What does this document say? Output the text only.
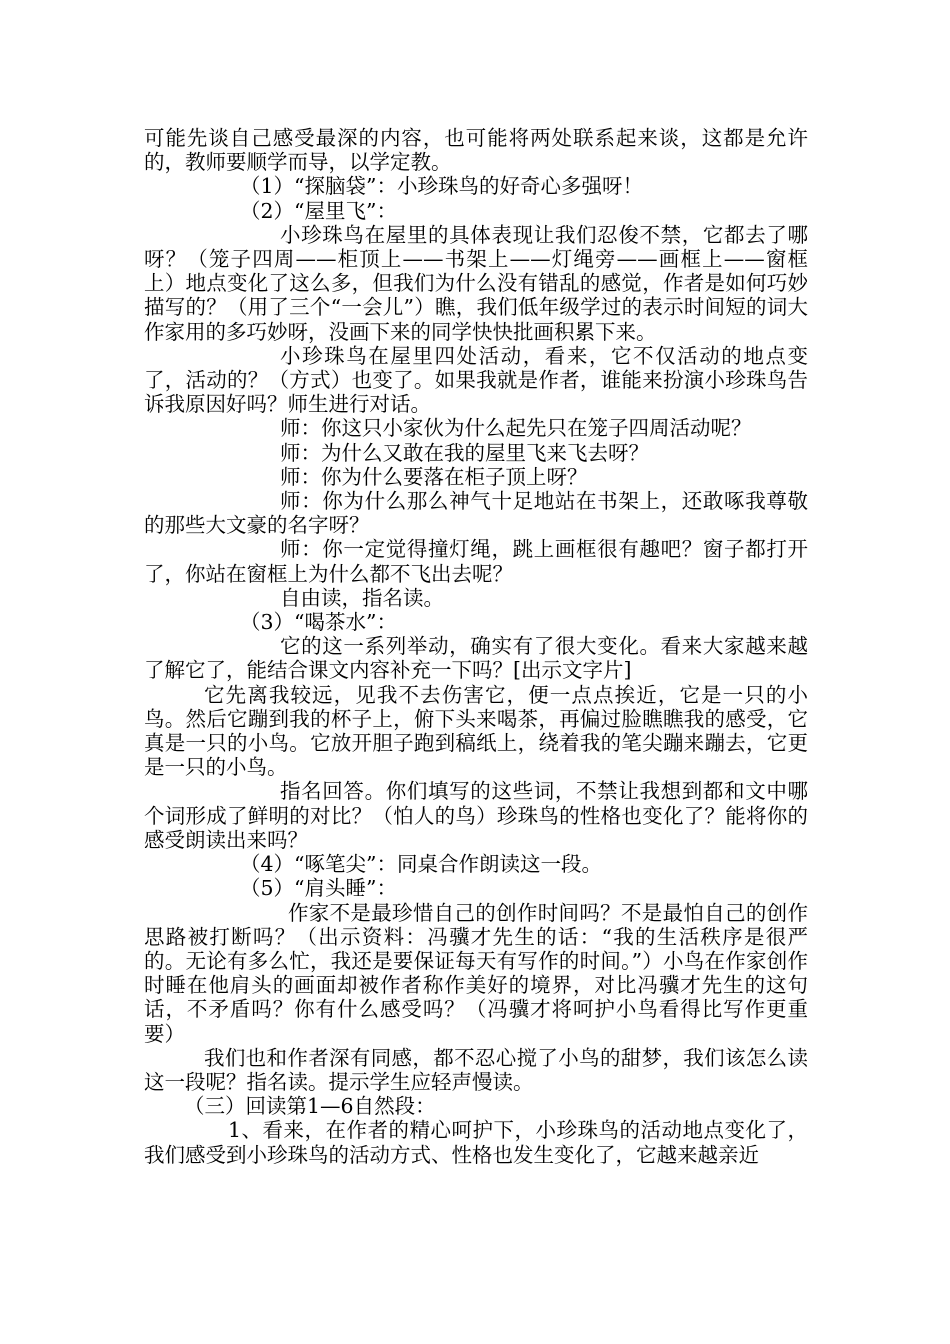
可能先谈自己感受最深的内容，也可能将两处联系起来谈，这都是允许的，教师要顺学而导，以学定教。

（1）“探脑袋”：小珍珠鸟的好奇心多强呀！

（2）“屋里飞”：

小珍珠鸟在屋里的具体表现让我们忍俊不禁，它都去了哪呀？（笼子四周——柜顶上——书架上——灯绳旁——画框上——窗框上）地点变化了这么多，但我们为什么没有错乱的感觉，作者是如何巧妙描写的？（用了三个“一会儿”）瞧，我们低年级学过的表示时间短的词大作家用的多巧妙呀，没画下来的同学快快批画积累下来。

小珍珠鸟在屋里四处活动，看来，它不仅活动的地点变了，活动的？（方式）也变了。如果我就是作者，谁能来扮演小珍珠鸟告诉我原因好吗？师生进行对话。

师：你这只小家伙为什么起先只在笼子四周活动呢？

师：为什么又敢在我的屋里飞来飞去呀？

师：你为什么要落在柜子顶上呀？

师：你为什么那么神气十足地站在书架上，还敢啄我尊敬的那些大文豪的名字呀？

师：你一定觉得撞灯绳，跳上画框很有趣吧？窗子都打开了，你站在窗框上为什么都不飞出去呢？

自由读，指名读。

（3）“喝茶水”：

它的这一系列举动，确实有了很大变化。看来大家越来越了解它了，能结合课文内容补充一下吗？[出示文字片]

它先离我较远，见我不去伤害它，便一点点挨近，它是一只的小鸟。然后它蹦到我的杯子上，俯下头来喝茶，再偏过脸瞧瞧我的感受，它真是一只的小鸟。它放开胆子跑到稿纸上，绕着我的笔尖蹦来蹦去，它更是一只的小鸟。

指名回答。你们填写的这些词，不禁让我想到都和文中哪个词形成了鲜明的对比？（怕人的鸟）珍珠鸟的性格也变化了？能将你的感受朗读出来吗？

（4）“啄笔尖”：同桌合作朗读这一段。

（5）“肩头睡”：

作家不是最珍惜自己的创作时间吗？不是最怕自己的创作思路被打断吗？（出示资料：冯骥才先生的话：“我的生活秩序是很严的。无论有多么忙，我还是要保证每天有写作的时间。”）小鸟在作家创作时睡在他肩头的画面却被作者称作美好的境界，对比冯骥才先生的这句话，不矛盾吗？你有什么感受吗？（冯骥才将呵护小鸟看得比写作更重要）

我们也和作者深有同感，都不忍心搅了小鸟的甜梦，我们该怎么读这一段呢？指名读。提示学生应轻声慢读。

（三）回读第1—6自然段：

1、看来，在作者的精心呵护下，小珍珠鸟的活动地点变化了，我们感受到小珍珠鸟的活动方式、性格也发生变化了，它越来越亲近
